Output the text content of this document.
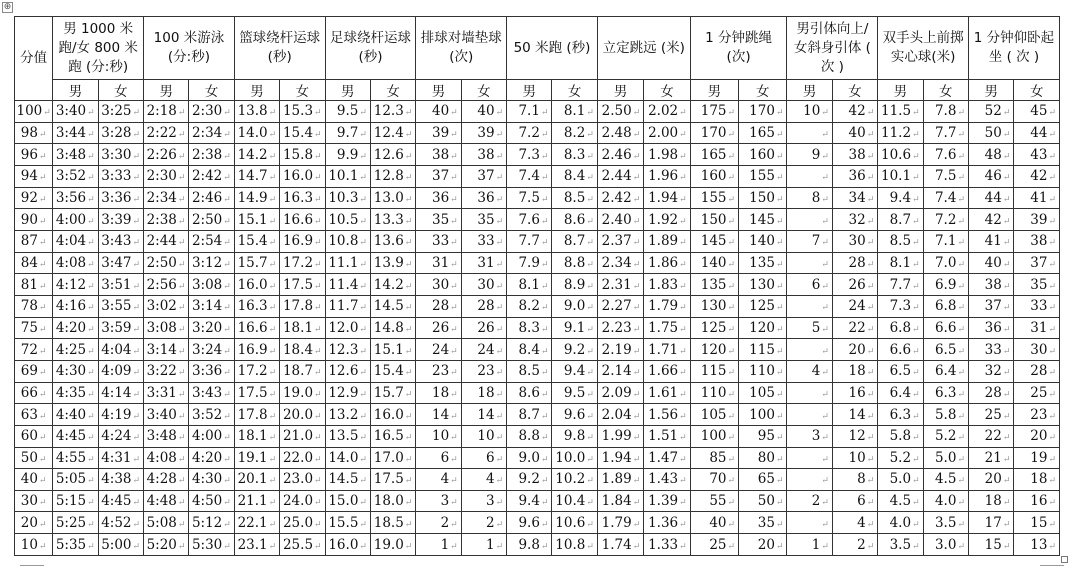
⊕
分值	男 1000 米跑/女 800 米跑 (分:秒)		100 米游泳 (分:秒)		篮球绕杆运球(秒)		足球绕杆运球(秒)		排球对墙垫球(次)		50 米跑 (秒)		立定跳远 (米)		1 分钟跳绳 (次)		男引体向上/女斜身引体 ( 次 )		双手头上前掷实心球(米)		1 分钟仰卧起坐 ( 次 )	
	男	女	男	女	男	女	男	女	男	女	男	女	男	女	男	女	男	女	男	女	男	女
100↵	3:40↵	3:25↵	2:18↵	2:30↵	13.8↵	15.3↵	9.5↵	12.3↵	40↵	40↵	7.1↵	8.1↵	2.50↵	2.02↵	175↵	170↵	10↵	42↵	11.5↵	7.8↵	52↵	45↵
98↵	3:44↵	3:28↵	2:22↵	2:34↵	14.0↵	15.4↵	9.7↵	12.4↵	39↵	39↵	7.2↵	8.2↵	2.48↵	2.00↵	170↵	165↵	↵	40↵	11.2↵	7.7↵	50↵	44↵
96↵	3:48↵	3:30↵	2:26↵	2:38↵	14.2↵	15.8↵	9.9↵	12.6↵	38↵	38↵	7.3↵	8.3↵	2.46↵	1.98↵	165↵	160↵	9↵	38↵	10.6↵	7.6↵	48↵	43↵
94↵	3:52↵	3:33↵	2:30↵	2:42↵	14.7↵	16.0↵	10.1↵	12.8↵	37↵	37↵	7.4↵	8.4↵	2.44↵	1.96↵	160↵	155↵	↵	36↵	10.1↵	7.5↵	46↵	42↵
92↵	3:56↵	3:36↵	2:34↵	2:46↵	14.9↵	16.3↵	10.3↵	13.0↵	36↵	36↵	7.5↵	8.5↵	2.42↵	1.94↵	155↵	150↵	8↵	34↵	9.4↵	7.4↵	44↵	41↵
90↵	4:00↵	3:39↵	2:38↵	2:50↵	15.1↵	16.6↵	10.5↵	13.3↵	35↵	35↵	7.6↵	8.6↵	2.40↵	1.92↵	150↵	145↵	↵	32↵	8.7↵	7.2↵	42↵	39↵
87↵	4:04↵	3:43↵	2:44↵	2:54↵	15.4↵	16.9↵	10.8↵	13.6↵	33↵	33↵	7.7↵	8.7↵	2.37↵	1.89↵	145↵	140↵	7↵	30↵	8.5↵	7.1↵	41↵	38↵
84↵	4:08↵	3:47↵	2:50↵	3:12↵	15.7↵	17.2↵	11.1↵	13.9↵	31↵	31↵	7.9↵	8.8↵	2.34↵	1.86↵	140↵	135↵	↵	28↵	8.1↵	7.0↵	40↵	37↵
81↵	4:12↵	3:51↵	2:56↵	3:08↵	16.0↵	17.5↵	11.4↵	14.2↵	30↵	30↵	8.1↵	8.9↵	2.31↵	1.83↵	135↵	130↵	6↵	26↵	7.7↵	6.9↵	38↵	35↵
78↵	4:16↵	3:55↵	3:02↵	3:14↵	16.3↵	17.8↵	11.7↵	14.5↵	28↵	28↵	8.2↵	9.0↵	2.27↵	1.79↵	130↵	125↵	↵	24↵	7.3↵	6.8↵	37↵	33↵
75↵	4:20↵	3:59↵	3:08↵	3:20↵	16.6↵	18.1↵	12.0↵	14.8↵	26↵	26↵	8.3↵	9.1↵	2.23↵	1.75↵	125↵	120↵	5↵	22↵	6.8↵	6.6↵	36↵	31↵
72↵	4:25↵	4:04↵	3:14↵	3:24↵	16.9↵	18.4↵	12.3↵	15.1↵	24↵	24↵	8.4↵	9.2↵	2.19↵	1.71↵	120↵	115↵	↵	20↵	6.6↵	6.5↵	33↵	30↵
69↵	4:30↵	4:09↵	3:22↵	3:36↵	17.2↵	18.7↵	12.6↵	15.4↵	23↵	23↵	8.5↵	9.4↵	2.14↵	1.66↵	115↵	110↵	4↵	18↵	6.5↵	6.4↵	32↵	28↵
66↵	4:35↵	4:14↵	3:31↵	3:43↵	17.5↵	19.0↵	12.9↵	15.7↵	18↵	18↵	8.6↵	9.5↵	2.09↵	1.61↵	110↵	105↵	↵	16↵	6.4↵	6.3↵	28↵	25↵
63↵	4:40↵	4:19↵	3:40↵	3:52↵	17.8↵	20.0↵	13.2↵	16.0↵	14↵	14↵	8.7↵	9.6↵	2.04↵	1.56↵	105↵	100↵	↵	14↵	6.3↵	5.8↵	25↵	23↵
60↵	4:45↵	4:24↵	3:48↵	4:00↵	18.1↵	21.0↵	13.5↵	16.5↵	10↵	10↵	8.8↵	9.8↵	1.99↵	1.51↵	100↵	95↵	3↵	12↵	5.8↵	5.2↵	22↵	20↵
50↵	4:55↵	4:31↵	4:08↵	4:20↵	19.1↵	22.0↵	14.0↵	17.0↵	6↵	6↵	9.0↵	10.0↵	1.94↵	1.47↵	85↵	80↵	↵	10↵	5.2↵	5.0↵	21↵	19↵
40↵	5:05↵	4:38↵	4:28↵	4:30↵	20.1↵	23.0↵	14.5↵	17.5↵	4↵	4↵	9.2↵	10.2↵	1.89↵	1.43↵	70↵	65↵	↵	8↵	5.0↵	4.5↵	20↵	18↵
30↵	5:15↵	4:45↵	4:48↵	4:50↵	21.1↵	24.0↵	15.0↵	18.0↵	3↵	3↵	9.4↵	10.4↵	1.84↵	1.39↵	55↵	50↵	2↵	6↵	4.5↵	4.0↵	18↵	16↵
20↵	5:25↵	4:52↵	5:08↵	5:12↵	22.1↵	25.0↵	15.5↵	18.5↵	2↵	2↵	9.6↵	10.6↵	1.79↵	1.36↵	40↵	35↵	↵	4↵	4.0↵	3.5↵	17↵	15↵
10↵	5:35↵	5:00↵	5:20↵	5:30↵	23.1↵	25.5↵	16.0↵	19.0↵	1↵	1↵	9.8↵	10.8↵	1.74↵	1.33↵	25↵	20↵	1↵	2↵	3.5↵	3.0↵	15↵	13↵
